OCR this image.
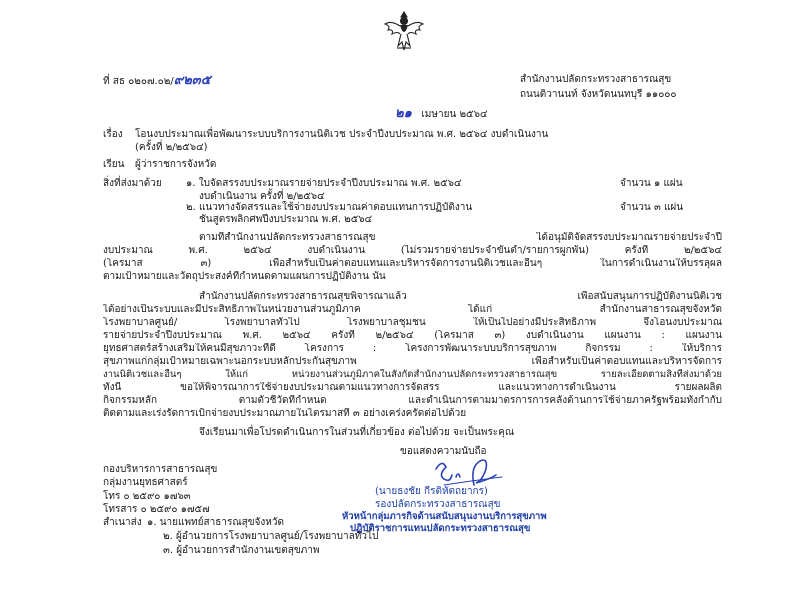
ที่ สธ ๐๒๐๗.๐๒/๙๒๓๕	สำนักงานปลัดกระทรวงสาธารณสุข
ถนนติวานนท์ จังหวัดนนทบุรี ๑๑๐๐๐
๒๑ เมษายน ๒๕๖๔
เรื่อง โอนงบประมาณเพื่อพัฒนาระบบบริการงานนิติเวช ประจำปีงบประมาณ พ.ศ. ๒๕๖๔ งบดำเนินงาน
(ครั้งที่ ๒/๒๕๖๔)
เรียน ผู้ว่าราชการจังหวัด
สิ่งที่ส่งมาด้วย ๑. ใบจัดสรรงบประมาณรายจ่ายประจำปีงบประมาณ พ.ศ. ๒๕๖๔
งบดำเนินงาน ครั้งที่ ๒/๒๕๖๔
จำนวน ๑ แผ่น
๒. แนวทางจัดสรรและใช้จ่ายงบประมาณค่าตอบแทนการปฏิบัติงาน
ชันสูตรพลิกศพปีงบประมาณ พ.ศ. ๒๕๖๔
จำนวน ๓ แผ่น
ตามที่สำนักงานปลัดกระทรวงสาธารณสุข ได้อนุมัติจัดสรรงบประมาณรายจ่ายประจำปี
งบประมาณ พ.ศ. ๒๕๖๔ งบดำเนินงาน (ไม่รวมรายจ่ายประจำขั้นต่ำ/รายการผูกพัน) ครั้งที่ ๒/๒๕๖๔
(โครมาส ๓) เพื่อสำหรับเป็นค่าตอบแทนและบริหารจัดการงานนิติเวชและอื่นๆ ในการดำเนินงานให้บรรลุผล
ตามเป้าหมายและวัตถุประสงค์ที่กำหนดตามแผนการปฏิบัติงาน นั้น
สำนักงานปลัดกระทรวงสาธารณสุขพิจารณาแล้ว เพื่อสนับสนุนการปฏิบัติงานนิติเวช
ได้อย่างเป็นระบบและมีประสิทธิภาพในหน่วยงานส่วนภูมิภาค ได้แก่ สำนักงานสาธารณสุขจังหวัด
โรงพยาบาลศูนย์/ โรงพยาบาลทั่วไป โรงพยาบาลชุมชน ให้เป็นไปอย่างมีประสิทธิภาพ จึงโอนงบประมาณ
รายจ่ายประจำปีงบประมาณ พ.ศ. ๒๕๖๔ ครั้งที่ ๒/๒๕๖๔ (โครมาส ๓) งบดำเนินงาน แผนงาน : แผนงาน
ยุทธศาสตร์สร้างเสริมให้คนมีสุขภาวะที่ดี โครงการ : โครงการพัฒนาระบบบริการสุขภาพ กิจกรรม : ให้บริการ
สุขภาพแก่กลุ่มเป้าหมายเฉพาะนอกระบบหลักประกันสุขภาพ เพื่อสำหรับเป็นค่าตอบแทนและบริหารจัดการ
งานนิติเวชและอื่นๆ ให้แก่ หน่วยงานส่วนภูมิภาคในสังกัดสำนักงานปลัดกระทรวงสาธารณสุข รายละเอียดตามสิ่งที่ส่งมาด้วย
ทั้งนี้ ขอให้พิจารณาการใช้จ่ายงบประมาณตามแนวทางการจัดสรร และแนวทางการดำเนินงาน รายผลผลิต
กิจกรรมหลัก ตามตัวชี้วัดที่กำหนด และดำเนินการตามมาตรการการคลังด้านการใช้จ่ายภาครัฐพร้อมทั้งกำกับ
ติดตามและเร่งรัดการเบิกจ่ายงบประมาณภายในไตรมาสที่ ๓ อย่างเคร่งครัดต่อไปด้วย
จึงเรียนมาเพื่อโปรดดำเนินการในส่วนที่เกี่ยวข้อง ต่อไปด้วย จะเป็นพระคุณ
ขอแสดงความนับถือ
(นายธงชัย กีรติหัตถยากร)
รองปลัดกระทรวงสาธารณสุข
หัวหน้ากลุ่มภารกิจด้านสนับสนุนงานบริการสุขภาพ
ปฏิบัติราชการแทนปลัดกระทรวงสาธารณสุข
กองบริหารการสาธารณสุข
กลุ่มงานยุทธศาสตร์
โทร ๐ ๒๕๙๐ ๑๗๖๓
โทรสาร ๐ ๒๕๙๐ ๑๗๕๗
สำเนาส่ง ๑. นายแพทย์สาธารณสุขจังหวัด
๒. ผู้อำนวยการโรงพยาบาลศูนย์/โรงพยาบาลทั่วไป
๓. ผู้อำนวยการสำนักงานเขตสุขภาพ
